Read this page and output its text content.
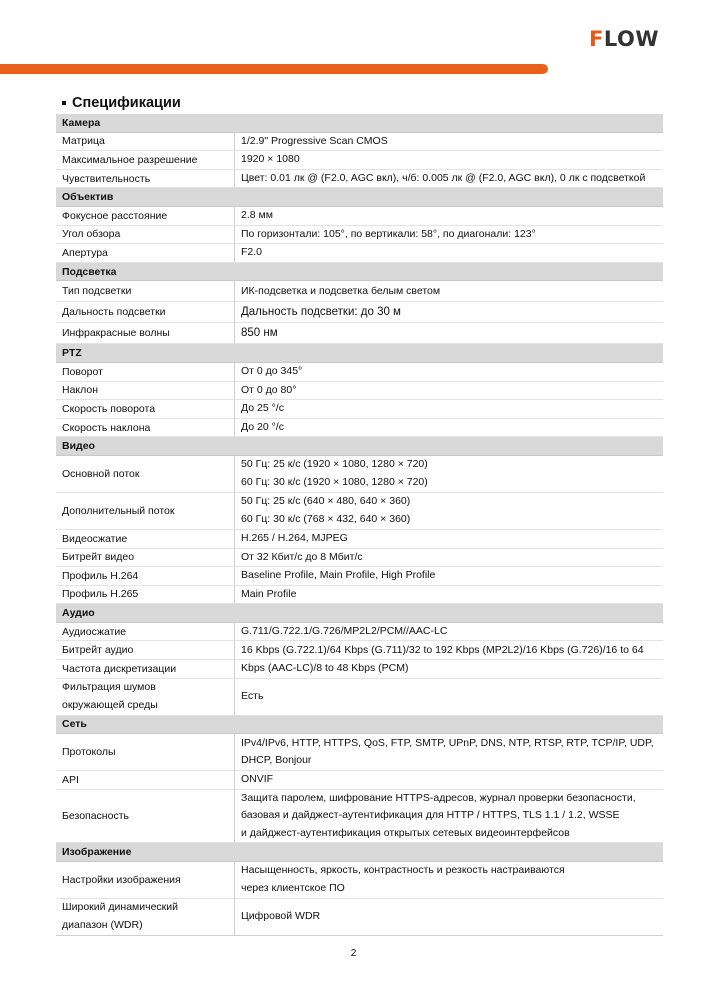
FLOW
Спецификации
Камера	
Матрица	1/2.9" Progressive Scan CMOS

Максимальное разрешение	1920 × 1080

Чувствительность	Цвет: 0.01 лк @ (F2.0, AGC вкл), ч/б: 0.005 лк @ (F2.0, AGC вкл), 0 лк с подсветкой

Объектив	
Фокусное расстояние	2.8 мм

Угол обзора	По горизонтали: 105°, по вертикали: 58°, по диагонали: 123°

Апертура	F2.0

Подсветка	
Тип подсветки	ИК-подсветка и подсветка белым светом

Дальность подсветки	Дальность подсветки: до 30 м

Инфракрасные волны	850 нм

PTZ	
Поворот	От 0 до 345°

Наклон	От 0 до 80°

Скорость поворота	До 25 °/с

Скорость наклона	До 20 °/с

Видео	
Основной поток	50 Гц: 25 к/с (1920 × 1080, 1280 × 720)
60 Гц: 30 к/с (1920 × 1080, 1280 × 720)

Дополнительный поток	50 Гц: 25 к/с (640 × 480, 640 × 360)
60 Гц: 30 к/с (768 × 432, 640 × 360)

Видеосжатие	H.265 / H.264, MJPEG

Битрейт видео	От 32 Кбит/с до 8 Мбит/с

Профиль H.264	Baseline Profile, Main Profile, High Profile

Профиль H.265	Main Profile

Аудио	
Аудиосжатие	G.711/G.722.1/G.726/MP2L2/PCM//AAC-LC

Битрейт аудио	16 Kbps (G.722.1)/64 Kbps (G.711)/32 to 192 Kbps (MP2L2)/16 Kbps (G.726)/16 to 64

Частота дискретизации	Kbps (AAC-LC)/8 to 48 Kbps (PCM)

Фильтрация шумов
окружающей среды	Есть

Сеть	
Протоколы	IPv4/IPv6, HTTP, HTTPS, QoS, FTP, SMTP, UPnP, DNS, NTP, RTSP, RTP, TCP/IP, UDP,
DHCP, Bonjour

API	ONVIF

Безопасность	Защита паролем, шифрование HTTPS-адресов, журнал проверки безопасности,
базовая и дайджест-аутентификация для HTTP / HTTPS, TLS 1.1 / 1.2, WSSE
и дайджест-аутентификация открытых сетевых видеоинтерфейсов

Изображение	
Настройки изображения	Насыщенность, яркость, контрастность и резкость настраиваются
через клиентское ПО

Широкий динамический
диапазон (WDR)	Цифровой WDR
2
